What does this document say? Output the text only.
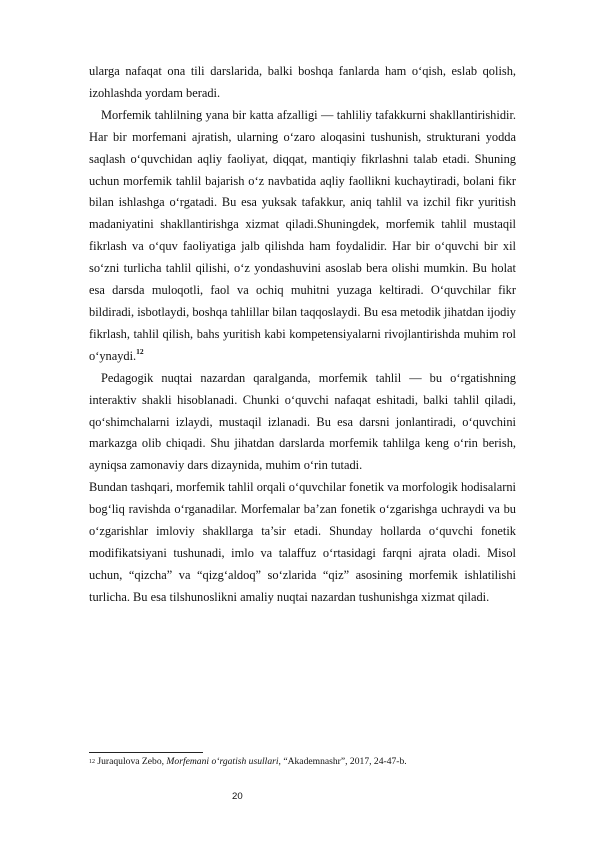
ularga nafaqat ona tili darslarida, balki boshqa fanlarda ham o‘qish, eslab qolish, izohlashda yordam beradi.

Morfemik tahlilning yana bir katta afzalligi — tahliliy tafakkurni shakllantirishidir. Har bir morfemani ajratish, ularning o‘zaro aloqasini tushunish, strukturani yodda saqlash o‘quvchidan aqliy faoliyat, diqqat, mantiqiy fikrlashni talab etadi. Shuning uchun morfemik tahlil bajarish o‘z navbatida aqliy faollikni kuchaytiradi, bolani fikr bilan ishlashga o‘rgatadi. Bu esa yuksak tafakkur, aniq tahlil va izchil fikr yuritish madaniyatini shakllantirishga xizmat qiladi.Shuningdek, morfemik tahlil mustaqil fikrlash va o‘quv faoliyatiga jalb qilishda ham foydalidir. Har bir o‘quvchi bir xil so‘zni turlicha tahlil qilishi, o‘z yondashuvini asoslab bera olishi mumkin. Bu holat esa darsda muloqotli, faol va ochiq muhitni yuzaga keltiradi. O‘quvchilar fikr bildiradi, isbotlaydi, boshqa tahlillar bilan taqqoslaydi. Bu esa metodik jihatdan ijodiy fikrlash, tahlil qilish, bahs yuritish kabi kompetensiyalarni rivojlantirishda muhim rol o‘ynaydi.$^{12}$

Pedagogik nuqtai nazardan qaralganda, morfemik tahlil — bu o‘rgatishning interaktiv shakli hisoblanadi. Chunki o‘quvchi nafaqat eshitadi, balki tahlil qiladi, qo‘shimchalarni izlaydi, mustaqil izlanadi. Bu esa darsni jonlantiradi, o‘quvchini markazga olib chiqadi. Shu jihatdan darslarda morfemik tahlilga keng o‘rin berish, ayniqsa zamonaviy dars dizaynida, muhim o‘rin tutadi.

Bundan tashqari, morfemik tahlil orqali o‘quvchilar fonetik va morfologik hodisalarni bog‘liq ravishda o‘rganadilar. Morfemalar ba’zan fonetik o‘zgarishga uchraydi va bu o‘zgarishlar imloviy shakllarga ta’sir etadi. Shunday hollarda o‘quvchi fonetik modifikatsiyani tushunadi, imlo va talaffuz o‘rtasidagi farqni ajrata oladi. Misol uchun, “qizcha” va “qizg‘aldoq” so‘zlarida “qiz” asosining morfemik ishlatilishi turlicha. Bu esa tilshunoslikni amaliy nuqtai nazardan tushunishga xizmat qiladi.

$^{12}$ Juraqulova Zebo, Morfemani o‘rgatish usullari, “Akademnashr”, 2017, 24-47-b.
20
